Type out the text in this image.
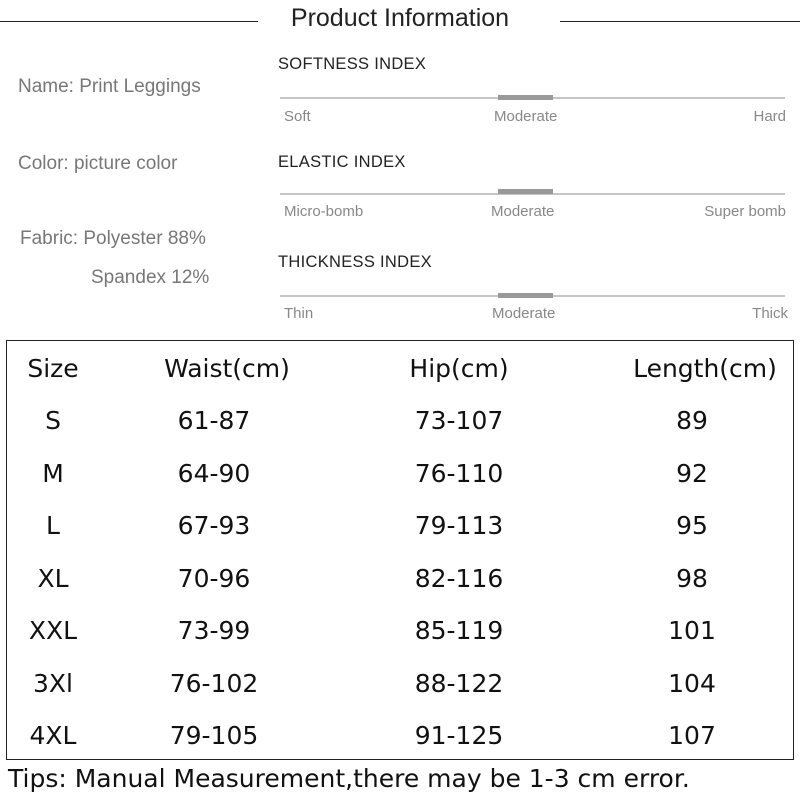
Product Information
Name: Print Leggings
Color: picture color
Fabric: Polyester 88%
Spandex 12%
SOFTNESS INDEX
Soft	Moderate	Hard
ELASTIC INDEX
Micro-bomb	Moderate	Super bomb
THICKNESS INDEX
Thin	Moderate	Thick
Size	Waist(cm)	Hip(cm)	Length(cm)
S	61-87	73-107	89
M	64-90	76-110	92
L	67-93	79-113	95
XL	70-96	82-116	98
XXL	73-99	85-119	101
3Xl	76-102	88-122	104
4XL	79-105	91-125	107
Tips: Manual Measurement,there may be 1-3 cm error.
